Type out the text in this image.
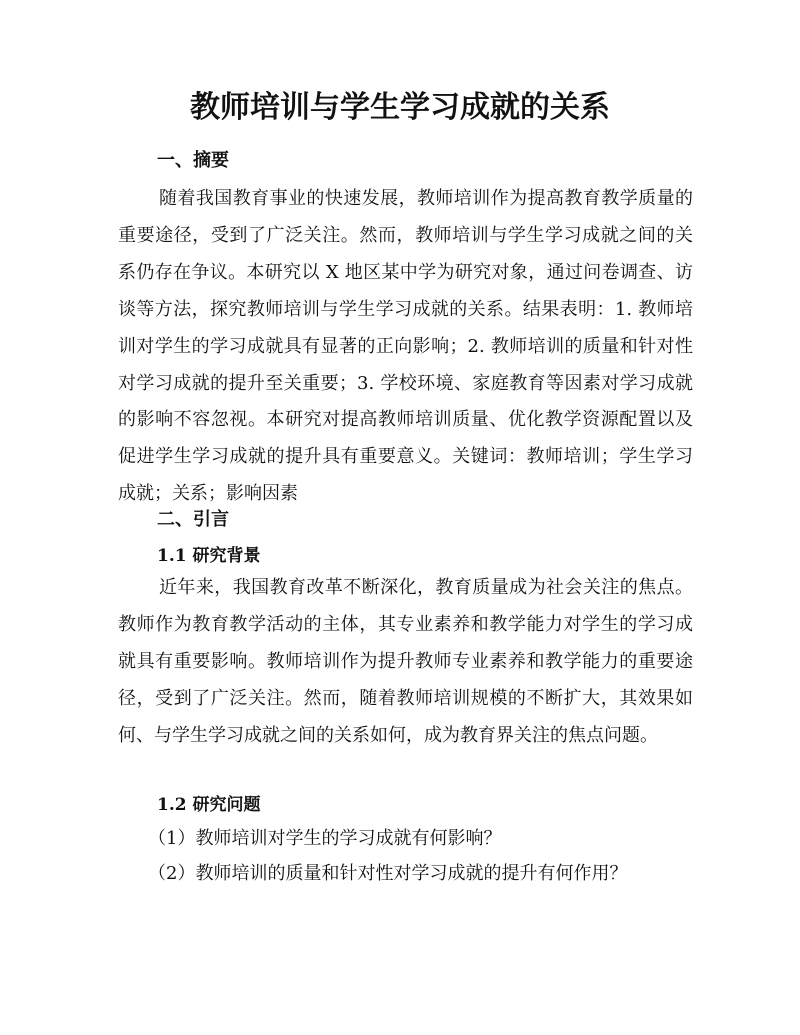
教师培训与学生学习成就的关系
一、摘要

随着我国教育事业的快速发展，教师培训作为提高教育教学质量的重要途径，受到了广泛关注。然而，教师培训与学生学习成就之间的关系仍存在争议。本研究以 X 地区某中学为研究对象，通过问卷调查、访谈等方法，探究教师培训与学生学习成就的关系。结果表明：1. 教师培训对学生的学习成就具有显著的正向影响；2. 教师培训的质量和针对性对学习成就的提升至关重要；3. 学校环境、家庭教育等因素对学习成就的影响不容忽视。本研究对提高教师培训质量、优化教学资源配置以及促进学生学习成就的提升具有重要意义。关键词：教师培训；学生学习成就；关系；影响因素

二、引言
1.1 研究背景

近年来，我国教育改革不断深化，教育质量成为社会关注的焦点。教师作为教育教学活动的主体，其专业素养和教学能力对学生的学习成就具有重要影响。教师培训作为提升教师专业素养和教学能力的重要途径，受到了广泛关注。然而，随着教师培训规模的不断扩大，其效果如何、与学生学习成就之间的关系如何，成为教育界关注的焦点问题。

1.2 研究问题

（1）教师培训对学生的学习成就有何影响？

（2）教师培训的质量和针对性对学习成就的提升有何作用？
